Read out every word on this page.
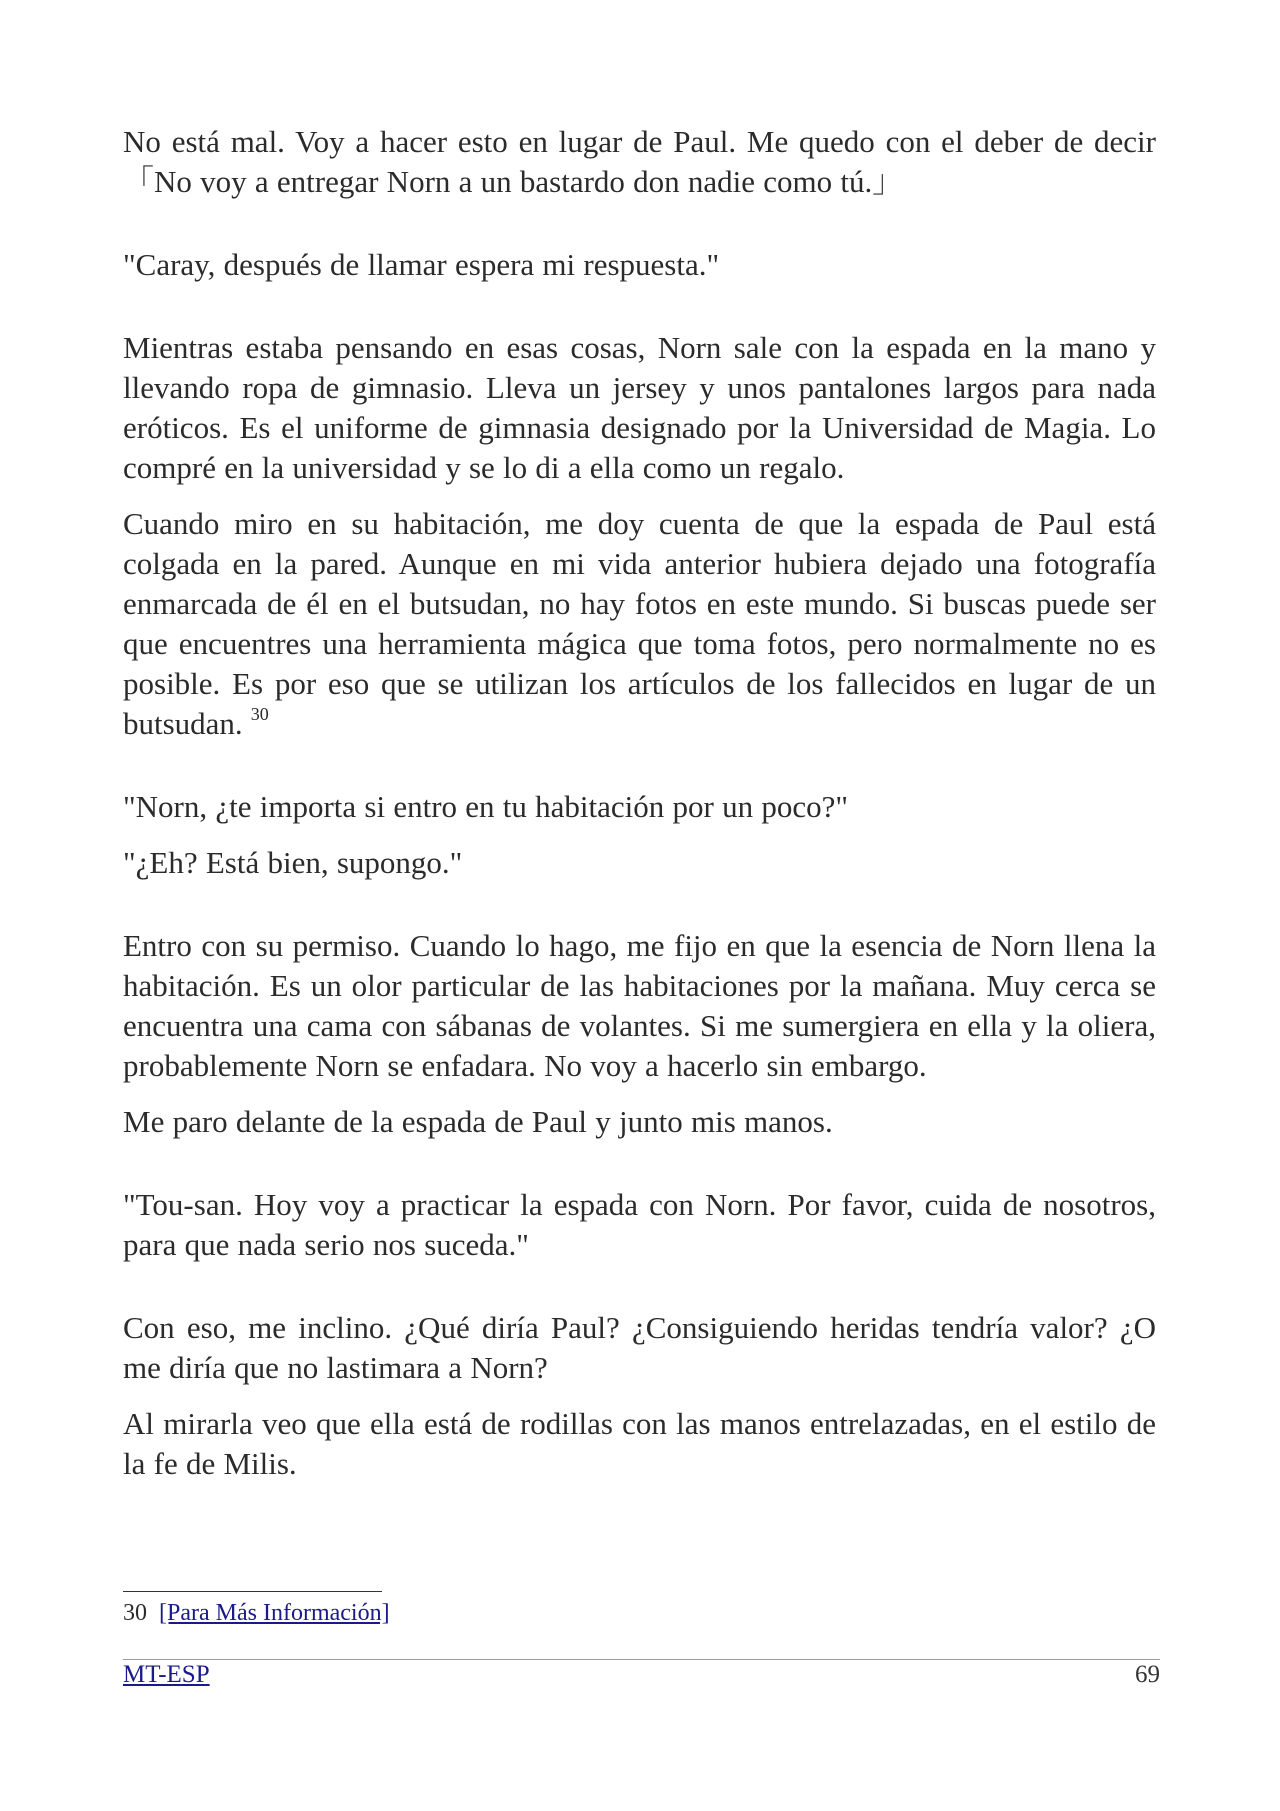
No está mal. Voy a hacer esto en lugar de Paul. Me quedo con el deber de decir 「No voy a entregar Norn a un bastardo don nadie como tú.」

"Caray, después de llamar espera mi respuesta."

Mientras estaba pensando en esas cosas, Norn sale con la espada en la mano y llevando ropa de gimnasio. Lleva un jersey y unos pantalones largos para nada eróticos. Es el uniforme de gimnasia designado por la Universidad de Magia. Lo compré en la universidad y se lo di a ella como un regalo.

Cuando miro en su habitación, me doy cuenta de que la espada de Paul está colgada en la pared. Aunque en mi vida anterior hubiera dejado una fotografía enmarcada de él en el butsudan, no hay fotos en este mundo. Si buscas puede ser que encuentres una herramienta mágica que toma fotos, pero normalmente no es posible. Es por eso que se utilizan los artículos de los fallecidos en lugar de un butsudan. $^{30}$

"Norn, ¿te importa si entro en tu habitación por un poco?"

"¿Eh? Está bien, supongo."

Entro con su permiso. Cuando lo hago, me fijo en que la esencia de Norn llena la habitación. Es un olor particular de las habitaciones por la mañana. Muy cerca se encuentra una cama con sábanas de volantes. Si me sumergiera en ella y la oliera, probablemente Norn se enfadara. No voy a hacerlo sin embargo.

Me paro delante de la espada de Paul y junto mis manos.

"Tou-san. Hoy voy a practicar la espada con Norn. Por favor, cuida de nosotros, para que nada serio nos suceda."

Con eso, me inclino. ¿Qué diría Paul? ¿Consiguiendo heridas tendría valor? ¿O me diría que no lastimara a Norn?

Al mirarla veo que ella está de rodillas con las manos entrelazadas, en el estilo de la fe de Milis.

30 [Para Más Información]
MT-ESP	69
